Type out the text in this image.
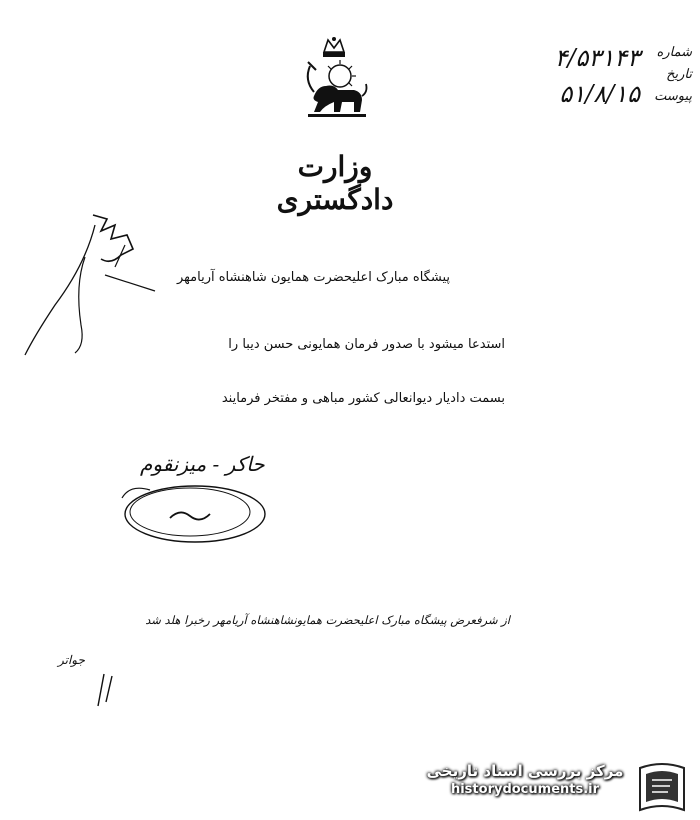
وزارت دادگستری
شماره
تاریخ
پیوست
۴/۵۳۱۴۳
۵۱/۸/۱۵
پیشگاه مبارک اعلیحضرت همایون شاهنشاه آریامهر
استدعا میشود با صدور فرمان همایونی حسن دیبا را
بسمت دادیار دیوانعالی کشور مباهی و مفتخر فرمایند
حاکر - میزنقوم
از شرفعرض پیشگاه مبارک اعلیحضرت همایونشاهنشاه آریامهر رخبرا هلد شد
جواتر
مرکز بررسی اسناد تاریخی
historydocuments.ir
